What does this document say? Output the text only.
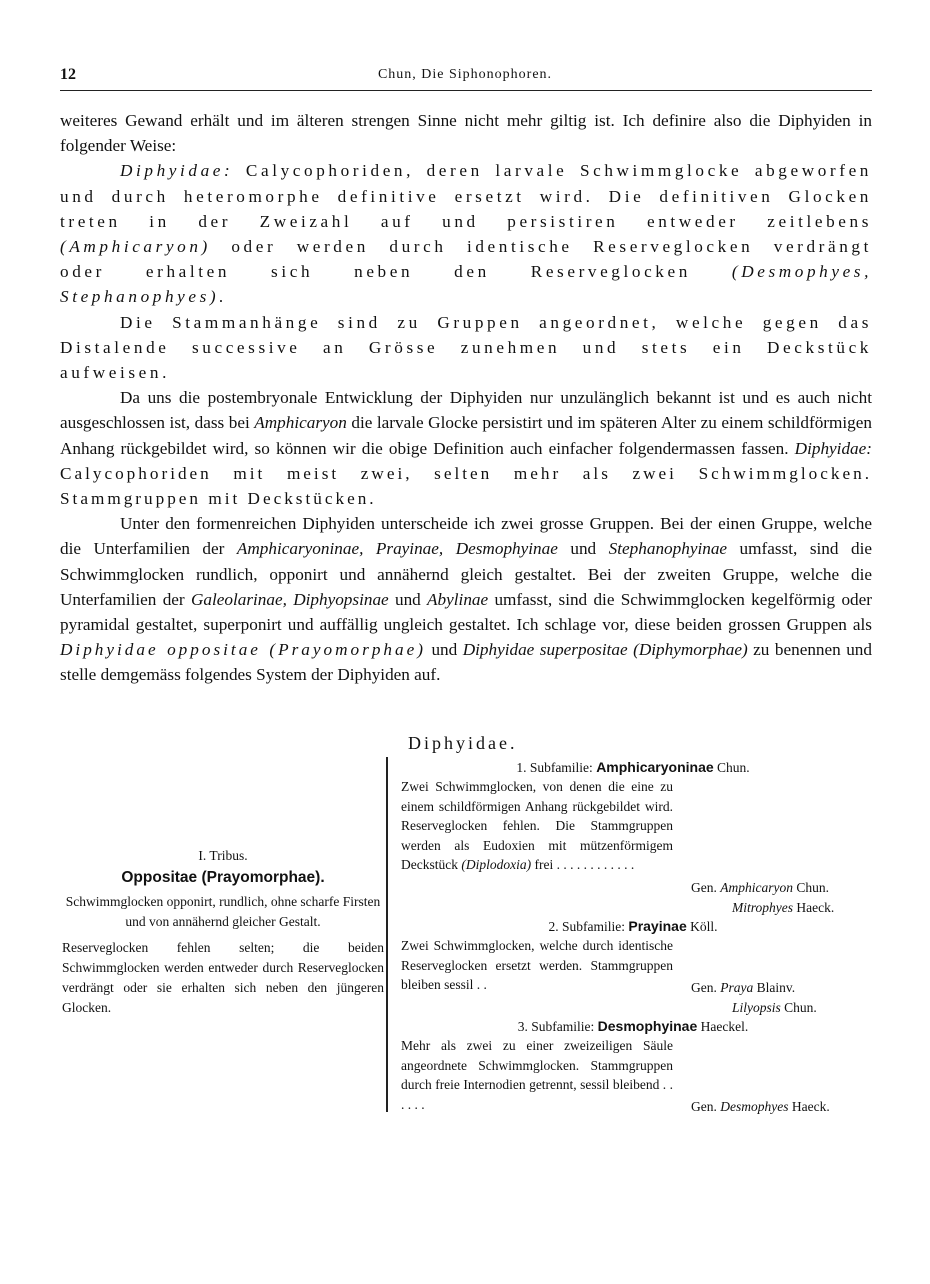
12	Chun, Die Siphonophoren.

weiteres Gewand erhält und im älteren strengen Sinne nicht mehr giltig ist. Ich definire also die Diphyiden in folgender Weise:

Diphyidae: Calycophoriden, deren larvale Schwimmglocke abgeworfen und durch heteromorphe definitive ersetzt wird. Die definitiven Glocken treten in der Zweizahl auf und persistiren entweder zeitlebens (Amphicaryon) oder werden durch identische Reserveglocken verdrängt oder erhalten sich neben den Reserveglocken (Desmophyes, Stephanophyes).

Die Stammanhänge sind zu Gruppen angeordnet, welche gegen das Distalende successive an Grösse zunehmen und stets ein Deckstück aufweisen.

Da uns die postembryonale Entwicklung der Diphyiden nur unzulänglich bekannt ist und es auch nicht ausgeschlossen ist, dass bei Amphicaryon die larvale Glocke persistirt und im späteren Alter zu einem schildförmigen Anhang rückgebildet wird, so können wir die obige Definition auch einfacher folgendermassen fassen. Diphyidae: Calycophoriden mit meist zwei, selten mehr als zwei Schwimmglocken. Stammgruppen mit Deckstücken.

Unter den formenreichen Diphyiden unterscheide ich zwei grosse Gruppen. Bei der einen Gruppe, welche die Unterfamilien der Amphicaryoninae, Prayinae, Desmophyinae und Stephanophyinae umfasst, sind die Schwimmglocken rundlich, opponirt und annähernd gleich gestaltet. Bei der zweiten Gruppe, welche die Unterfamilien der Galeolarinae, Diphyopsinae und Abylinae umfasst, sind die Schwimmglocken kegelförmig oder pyramidal gestaltet, superponirt und auffällig ungleich gestaltet. Ich schlage vor, diese beiden grossen Gruppen als Diphyidae oppositae (Prayomorphae) und Diphyidae superpositae (Diphymorphae) zu benennen und stelle demgemäss folgendes System der Diphyiden auf.

Diphyidae.
I. Tribus.
Oppositae (Prayomorphae).
Schwimmglocken opponirt, rundlich, ohne scharfe Firsten und von annähernd gleicher Gestalt.
Reserveglocken fehlen selten; die beiden Schwimmglocken werden entweder durch Reserveglocken verdrängt oder sie erhalten sich neben den jüngeren Glocken.
1. Subfamilie: Amphicaryoninae Chun.
Zwei Schwimmglocken, von denen die eine zu einem schildförmigen Anhang rückgebildet wird. Reserveglocken fehlen. Die Stammgruppen werden als Eudoxien mit mützenförmigem Deckstück (Diplodoxia) frei . . . . . . . . . . . .
Gen. Amphicaryon Chun.
Mitrophyes Haeck.
2. Subfamilie: Prayinae Köll.
Zwei Schwimmglocken, welche durch identische Reserveglocken ersetzt werden. Stammgruppen bleiben sessil . .	Gen. Praya Blainv.
Lilyopsis Chun.
3. Subfamilie: Desmophyinae Haeckel.
Mehr als zwei zu einer zweizeiligen Säule angeordnete Schwimmglocken. Stammgruppen durch freie Internodien getrennt, sessil bleibend . . . . . .	Gen. Desmophyes Haeck.
